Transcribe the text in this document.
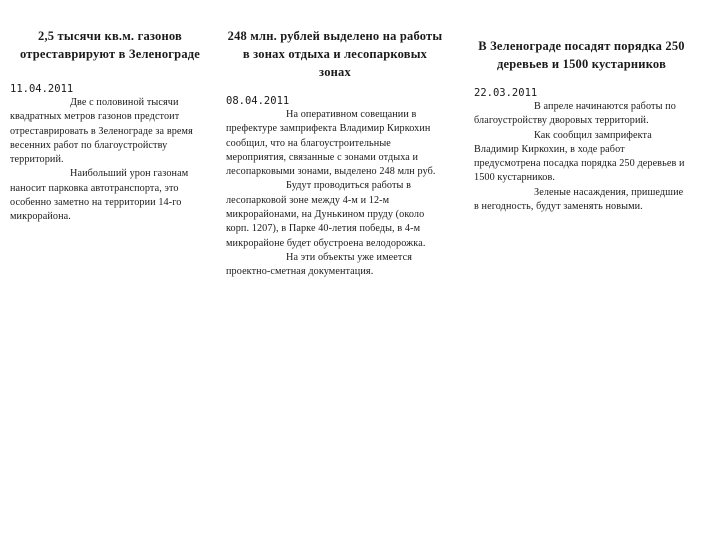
2,5 тысячи кв.м. газонов отреставрируют в Зеленограде
11.04.2011

Две с половиной тысячи квадратных метров газонов предстоит отреставрировать в Зеленограде за время весенних работ по благоустройству территорий.

Наибольший урон газонам наносит парковка автотранспорта, это особенно заметно на территории 14-го микрорайона.

248 млн. рублей выделено на работы в зонах отдыха и лесопарковых зонах
08.04.2011

На оперативном совещании в префектуре замприфекта Владимир Киркохин сообщил, что на благоустроительные мероприятия, связанные с зонами отдыха и лесопарковыми зонами, выделено 248 млн руб.

Будут проводиться работы в лесопарковой зоне между 4-м и 12-м микрорайонами, на Дунькином пруду (около корп. 1207), в Парке 40-летия победы, в 4-м микрорайоне будет обустроена велодорожка.

На эти объекты уже имеется проектно-сметная документация.

В Зеленограде посадят порядка 250 деревьев и 1500 кустарников
22.03.2011

В апреле начинаются работы по благоустройству дворовых территорий.

Как сообщил замприфекта Владимир Киркохин, в ходе работ предусмотрена посадка порядка 250 деревьев и 1500 кустарников.

Зеленые насаждения, пришедшие в негодность, будут заменять новыми.
